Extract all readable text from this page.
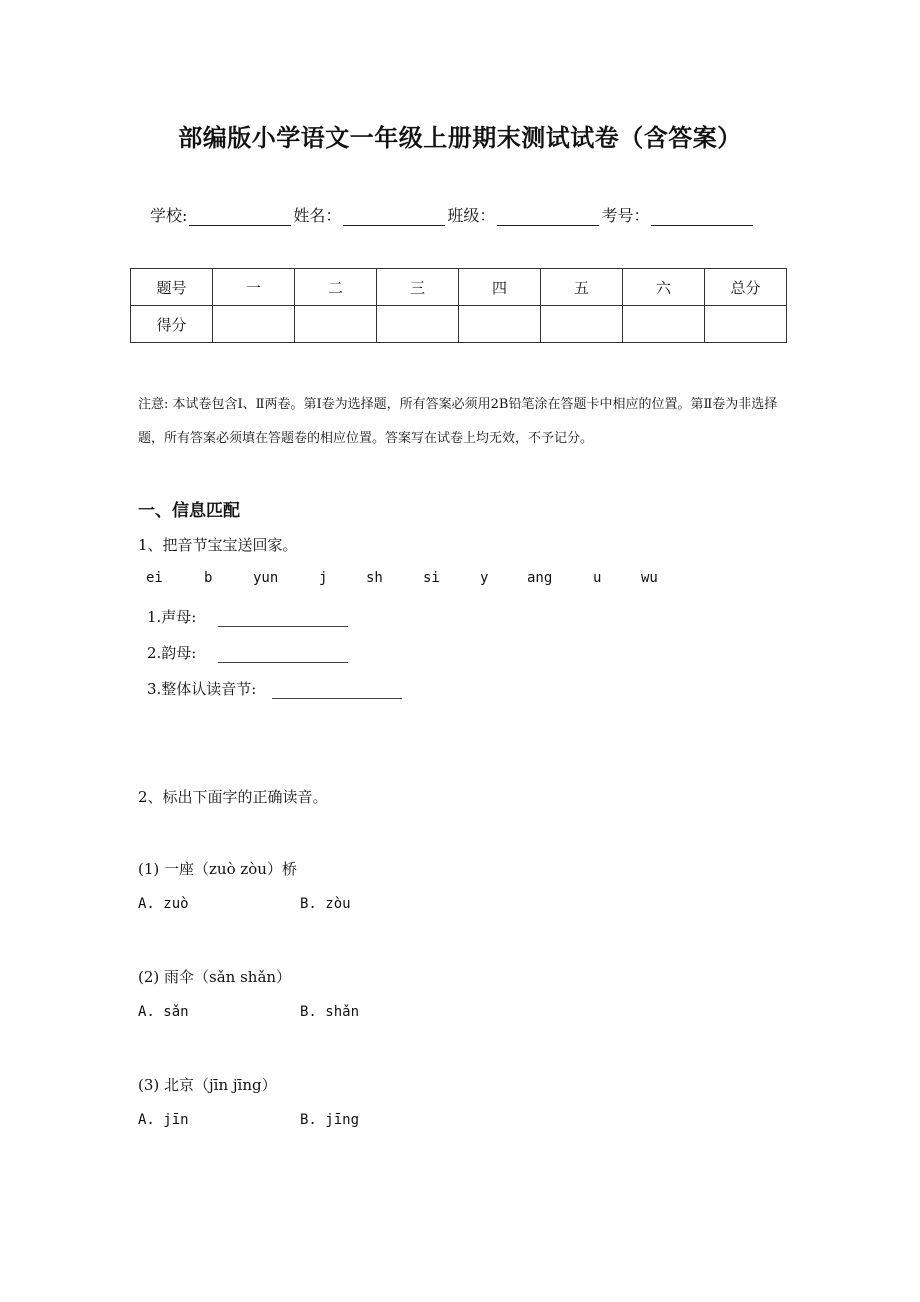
部编版小学语文一年级上册期末测试试卷（含答案）
学校:	姓名：	班级：	考号：
题号	一	二	三	四	五	六	总分
得分							
注意: 本试卷包含Ⅰ、Ⅱ两卷。第Ⅰ卷为选择题，所有答案必须用2B铅笔涂在答题卡中相应的位置。第Ⅱ卷为非选择题，所有答案必须填在答题卷的相应位置。答案写在试卷上均无效，不予记分。
一、信息匹配
1、把音节宝宝送回家。
ei	b	yun	j	sh	si	y	ang	u	wu
1.声母:
2.韵母:
3.整体认读音节:
2、标出下面字的正确读音。
(1) 一座（zuò zòu）桥
A. zuò	B. zòu
(2) 雨伞（sǎn shǎn）
A. sǎn	B. shǎn
(3) 北京（jīn jīng）
A. jīn	B. jīng
